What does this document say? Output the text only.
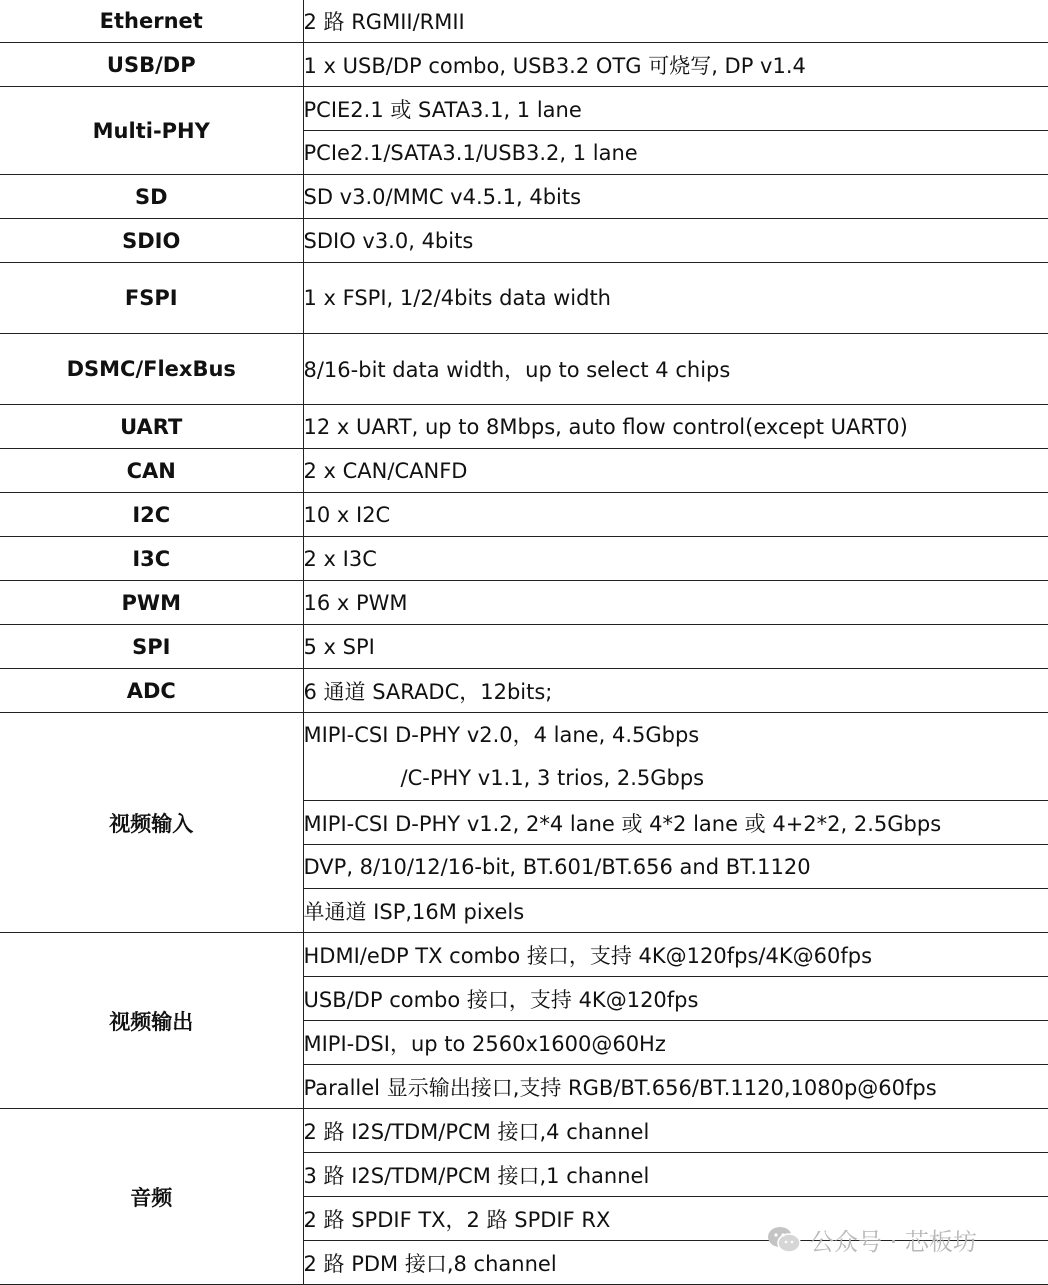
Ethernet	2 路 RGMII/RMII
USB/DP	1 x USB/DP combo, USB3.2 OTG 可烧写, DP v1.4
Multi-PHY	PCIE2.1 或 SATA3.1, 1 lane
	PCIe2.1/SATA3.1/USB3.2, 1 lane
SD	SD v3.0/MMC v4.5.1, 4bits
SDIO	SDIO v3.0, 4bits
FSPI	1 x FSPI, 1/2/4bits data width
DSMC/FlexBus	8/16-bit data width，up to select 4 chips
UART	12 x UART, up to 8Mbps, auto flow control(except UART0)
CAN	2 x CAN/CANFD
I2C	10 x I2C
I3C	2 x I3C
PWM	16 x PWM
SPI	5 x SPI
ADC	6 通道 SARADC，12bits;
视频输入	MIPI-CSI D-PHY v2.0，4 lane, 4.5Gbps
/C-PHY v1.1, 3 trios, 2.5Gbps

	MIPI-CSI D-PHY v1.2, 2*4 lane 或 4*2 lane 或 4+2*2, 2.5Gbps
	DVP, 8/10/12/16-bit, BT.601/BT.656 and BT.1120
	单通道 ISP,16M pixels
视频输出	HDMI/eDP TX combo 接口，支持 4K@120fps/4K@60fps
	USB/DP combo 接口，支持 4K@120fps
	MIPI-DSI，up to 2560x1600@60Hz
	Parallel 显示输出接口,支持 RGB/BT.656/BT.1120,1080p@60fps
音频	2 路 I2S/TDM/PCM 接口,4 channel
	3 路 I2S/TDM/PCM 接口,1 channel
	2 路 SPDIF TX，2 路 SPDIF RX
	2 路 PDM 接口,8 channel
公众号 · 芯板坊
